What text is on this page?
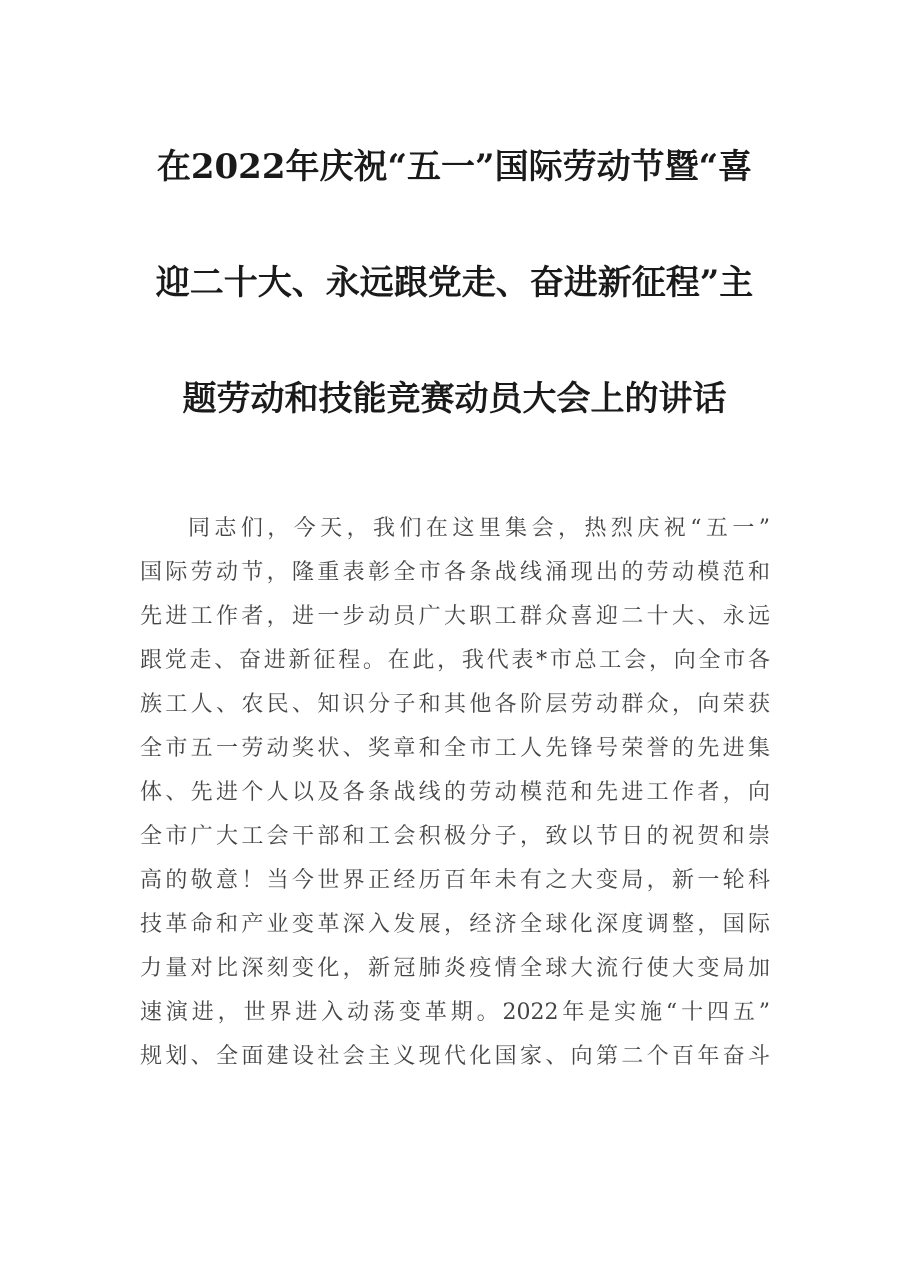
在2022年庆祝“五一”国际劳动节暨“喜
迎二十大、永远跟党走、奋进新征程”主
题劳动和技能竞赛动员大会上的讲话
同志们，今天，我们在这里集会，热烈庆祝“五一”
国际劳动节，隆重表彰全市各条战线涌现出的劳动模范和
先进工作者，进一步动员广大职工群众喜迎二十大、永远
跟党走、奋进新征程。在此，我代表*市总工会，向全市各
族工人、农民、知识分子和其他各阶层劳动群众，向荣获
全市五一劳动奖状、奖章和全市工人先锋号荣誉的先进集
体、先进个人以及各条战线的劳动模范和先进工作者，向
全市广大工会干部和工会积极分子，致以节日的祝贺和崇
高的敬意！当今世界正经历百年未有之大变局，新一轮科
技革命和产业变革深入发展，经济全球化深度调整，国际
力量对比深刻变化，新冠肺炎疫情全球大流行使大变局加
速演进，世界进入动荡变革期。2022年是实施“十四五”
规划、全面建设社会主义现代化国家、向第二个百年奋斗
